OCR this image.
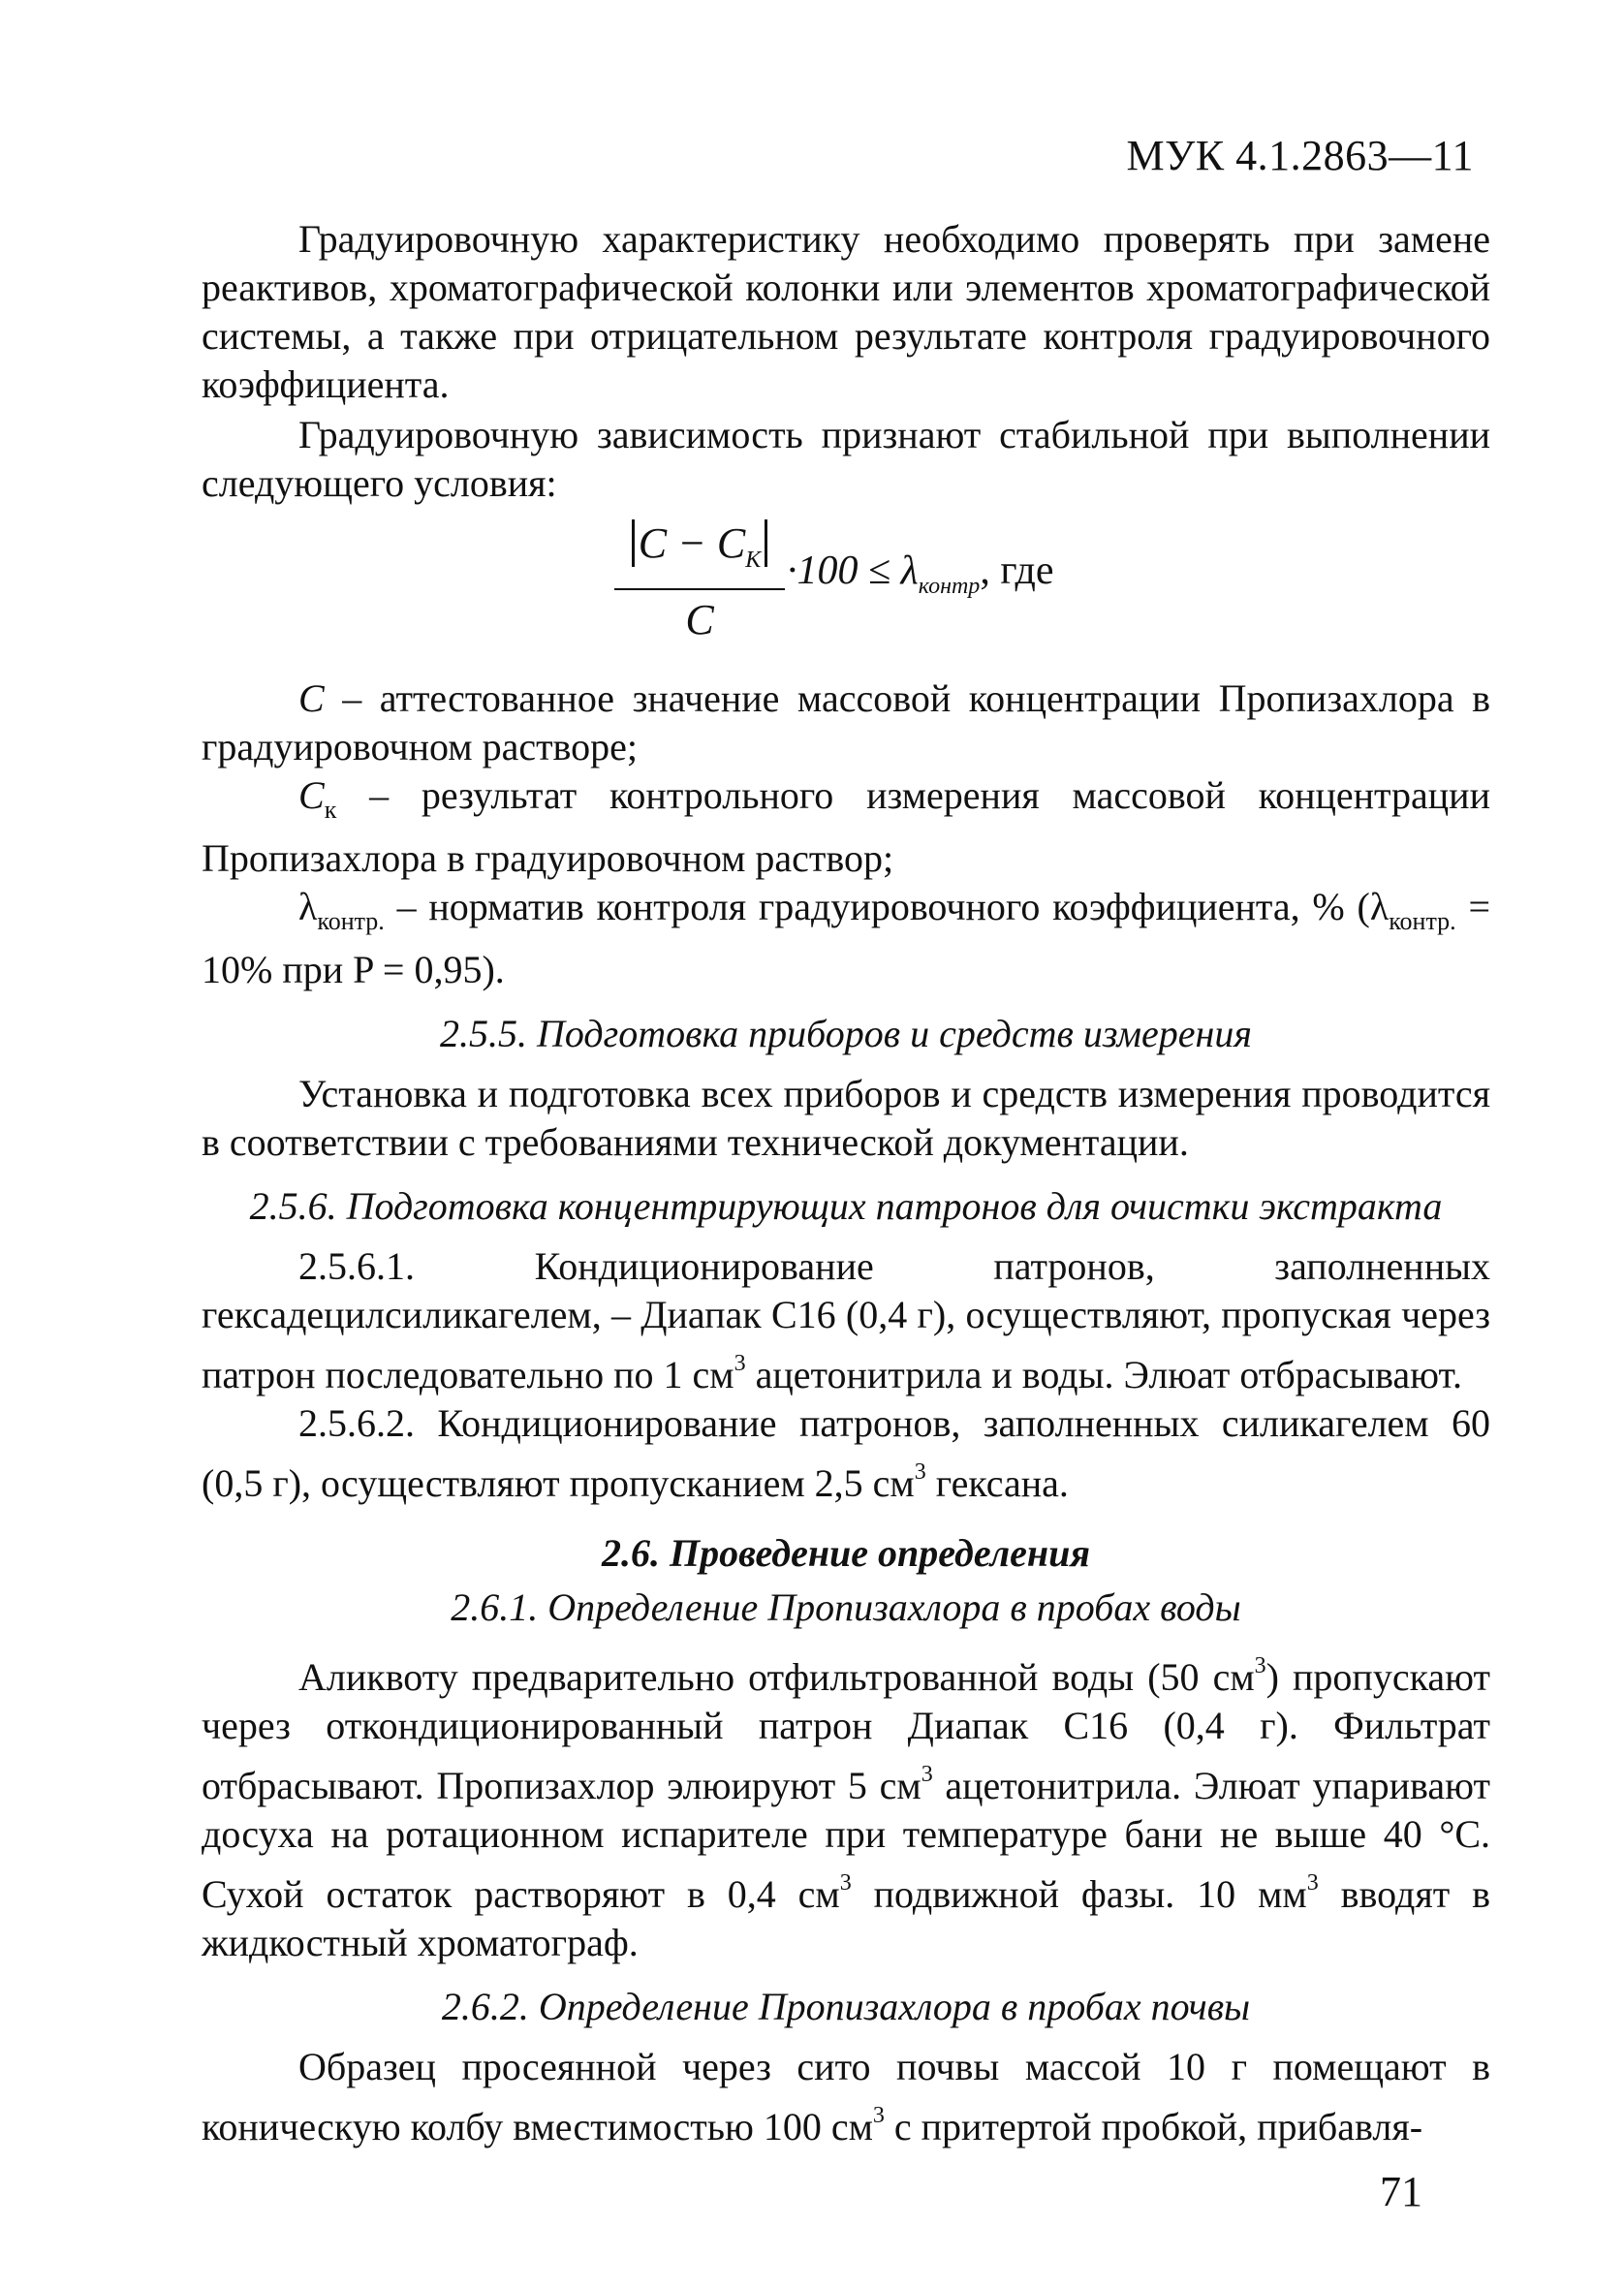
МУК 4.1.2863—11

Градуировочную характеристику необходимо проверять при замене реактивов, хроматографической колонки или элементов хроматографической системы, а также при отрицательном результате контроля градуировочного коэффициента.

Градуировочную зависимость признают стабильной при выполнении следующего условия:

$C - C_K$
C
$\cdot 100 \le \lambda_{контр}$, где

C – аттестованное значение массовой концентрации Пропизахлора в градуировочном растворе;

$C_к$ – результат контрольного измерения массовой концентрации Пропизахлора в градуировочном раствор;

$\lambda_{контр.}$ – норматив контроля градуировочного коэффициента, % ($\lambda_{контр.} = 10\%$ при P = 0,95).

2.5.5. Подготовка приборов и средств измерения

Установка и подготовка всех приборов и средств измерения проводится в соответствии с требованиями технической документации.

2.5.6. Подготовка концентрирующих патронов для очистки экстракта

2.5.6.1. Кондиционирование патронов, заполненных гексадецилсиликагелем, – Диапак С16 (0,4 г), осуществляют, пропуская через патрон последовательно по 1 $см^3$ ацетонитрила и воды. Элюат отбрасывают.

2.5.6.2. Кондиционирование патронов, заполненных силикагелем 60 (0,5 г), осуществляют пропусканием 2,5 $см^3$ гексана.

2.6. Проведение определения

2.6.1. Определение Пропизахлора в пробах воды

Аликвоту предварительно отфильтрованной воды (50 $см^3$) пропускают через откондиционированный патрон Диапак С16 (0,4 г). Фильтрат отбрасывают. Пропизахлор элюируют 5 $см^3$ ацетонитрила. Элюат упаривают досуха на ротационном испарителе при температуре бани не выше 40 °С. Сухой остаток растворяют в 0,4 $см^3$ подвижной фазы. 10 $мм^3$ вводят в жидкостный хроматограф.

2.6.2. Определение Пропизахлора в пробах почвы

Образец просеянной через сито почвы массой 10 г помещают в коническую колбу вместимостью 100 $см^3$ с притертой пробкой, прибавля-

71
